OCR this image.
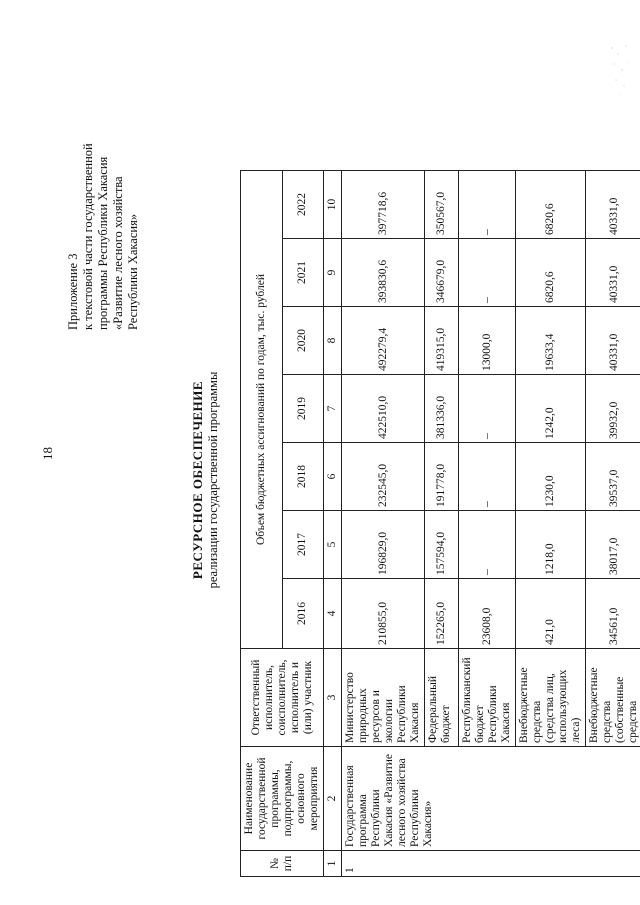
18
Приложение 3 к текстовой части государственной программы Республики Хакасия «Развитие лесного хозяйства Республики Хакасия»
РЕСУРСНОЕ ОБЕСПЕЧЕНИЕ реализации государственной программы
№ п/п	Наименование государственной программы, подпрограммы, основного мероприятия	Ответственный исполнитель, соисполнитель, исполнитель и (или) участник	Объем бюджетных ассигнований по годам, тыс. рублей						
			2016	2017	2018	2019	2020	2021	2022
1	2	3	4	5	6	7	8	9	10
1	Государственная программа Республики Хакасия «Развитие лесного хозяйства Республики Хакасия»	Министерство природных ресурсов и экологии Республики Хакасия	210855,0	196829,0	232545,0	422510,0	492279,4	393830,6	397718,6
		Федеральный бюджет	152265,0	157594,0	191778,0	381336,0	419315,0	346679,0	350567,0
		Республиканский бюджет Республики Хакасия	23608,0	–	–	–	13000,0	–	–
		Внебюджетные средства (средства лиц, использующих леса)	421,0	1218,0	1230,0	1242,0	19633,4	6820,6	6820,6
		Внебюджетные средства (собственные средства	34561,0	38017,0	39537,0	39932,0	40331,0	40331,0	40331,0
